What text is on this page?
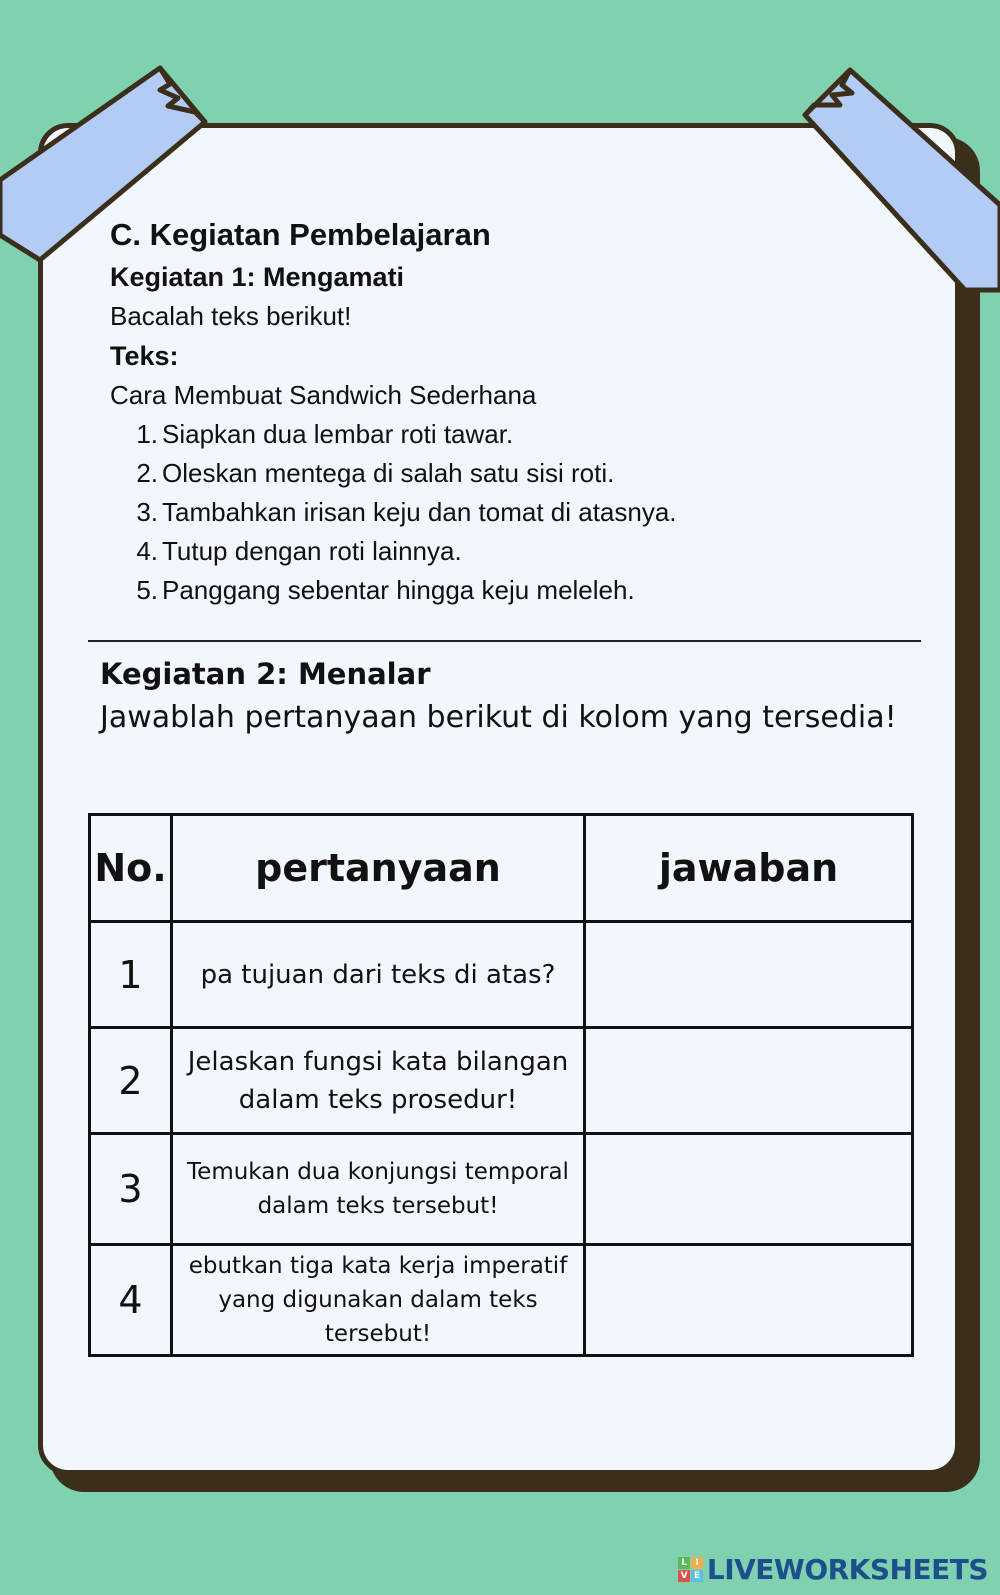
C. Kegiatan Pembelajaran
Kegiatan 1: Mengamati
Bacalah teks berikut!
Teks:
Cara Membuat Sandwich Sederhana
1. Siapkan dua lembar roti tawar.
2. Oleskan mentega di salah satu sisi roti.
3. Tambahkan irisan keju dan tomat di atasnya.
4. Tutup dengan roti lainnya.
5. Panggang sebentar hingga keju meleleh.
Kegiatan 2: Menalar
Jawablah pertanyaan berikut di kolom yang tersedia!
No.	pertanyaan	jawaban
1	pa tujuan dari teks di atas?	

2	Jelaskan fungsi kata bilangan
dalam teks prosedur!	

3	Temukan dua konjungsi temporal
dalam teks tersebut!	

4	ebutkan tiga kata kerja imperatif
yang digunakan dalam teks
tersebut!	

L I
V E LIVEWORKSHEETS
